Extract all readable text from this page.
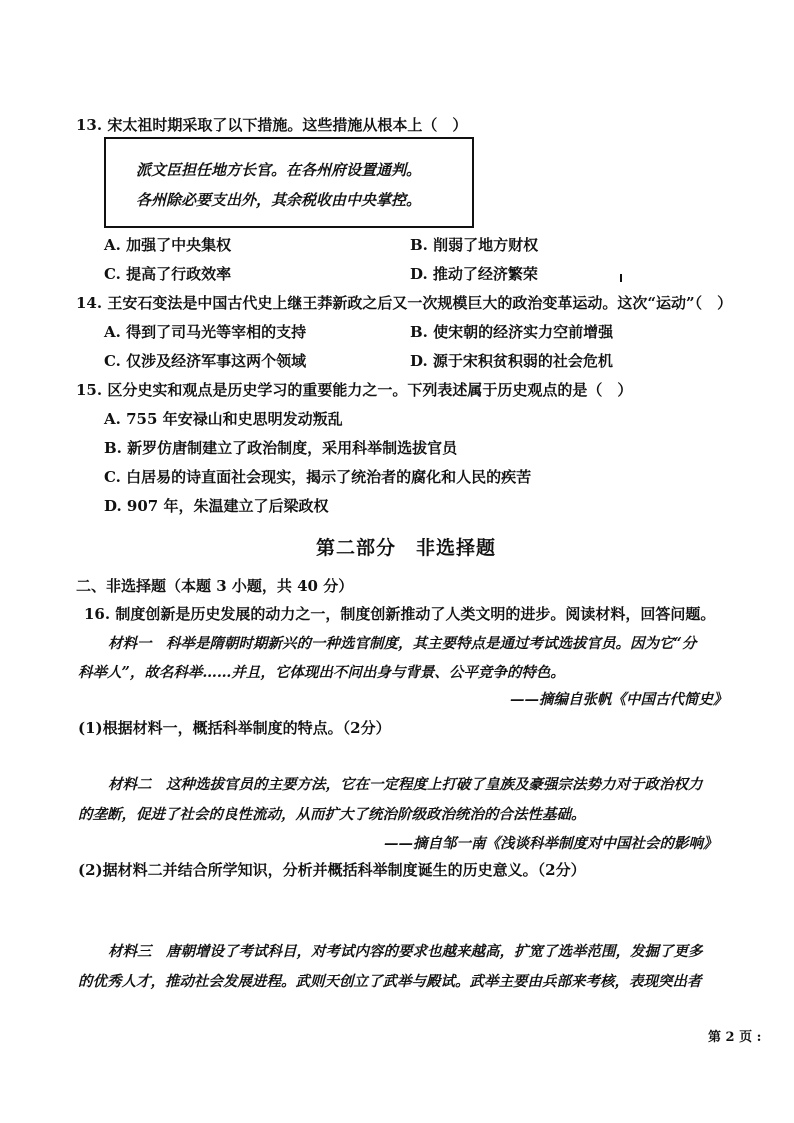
13. 宋太祖时期采取了以下措施。这些措施从根本上（　）
派文臣担任地方长官。在各州府设置通判。
各州除必要支出外，其余税收由中央掌控。
A. 加强了中央集权	B. 削弱了地方财权
C. 提高了行政效率	D. 推动了经济繁荣
14. 王安石变法是中国古代史上继王莽新政之后又一次规模巨大的政治变革运动。这次“运动”（　）
A. 得到了司马光等宰相的支持	B. 使宋朝的经济实力空前增强
C. 仅涉及经济军事这两个领域	D. 源于宋积贫积弱的社会危机
15. 区分史实和观点是历史学习的重要能力之一。下列表述属于历史观点的是（　）
A. 755 年安禄山和史思明发动叛乱
B. 新罗仿唐制建立了政治制度，采用科举制选拔官员
C. 白居易的诗直面社会现实，揭示了统治者的腐化和人民的疾苦
D. 907 年，朱温建立了后梁政权
第二部分　非选择题
二、非选择题（本题 3 小题，共 40 分）
16. 制度创新是历史发展的动力之一，制度创新推动了人类文明的进步。阅读材料，回答问题。
材料一　科举是隋朝时期新兴的一种选官制度，其主要特点是通过考试选拔官员。因为它“分
科举人”，故名科举……并且，它体现出不问出身与背景、公平竞争的特色。
——摘编自张帆《中国古代简史》
(1)根据材料一，概括科举制度的特点。（2分）
材料二　这种选拔官员的主要方法，它在一定程度上打破了皇族及豪强宗法势力对于政治权力
的垄断，促进了社会的良性流动，从而扩大了统治阶级政治统治的合法性基础。
——摘自邹一南《浅谈科举制度对中国社会的影响》
(2)据材料二并结合所学知识，分析并概括科举制度诞生的历史意义。（2分）
材料三　唐朝增设了考试科目，对考试内容的要求也越来越高，扩宽了选举范围，发掘了更多
的优秀人才，推动社会发展进程。武则天创立了武举与殿试。武举主要由兵部来考核，表现突出者
第 2 页 :
